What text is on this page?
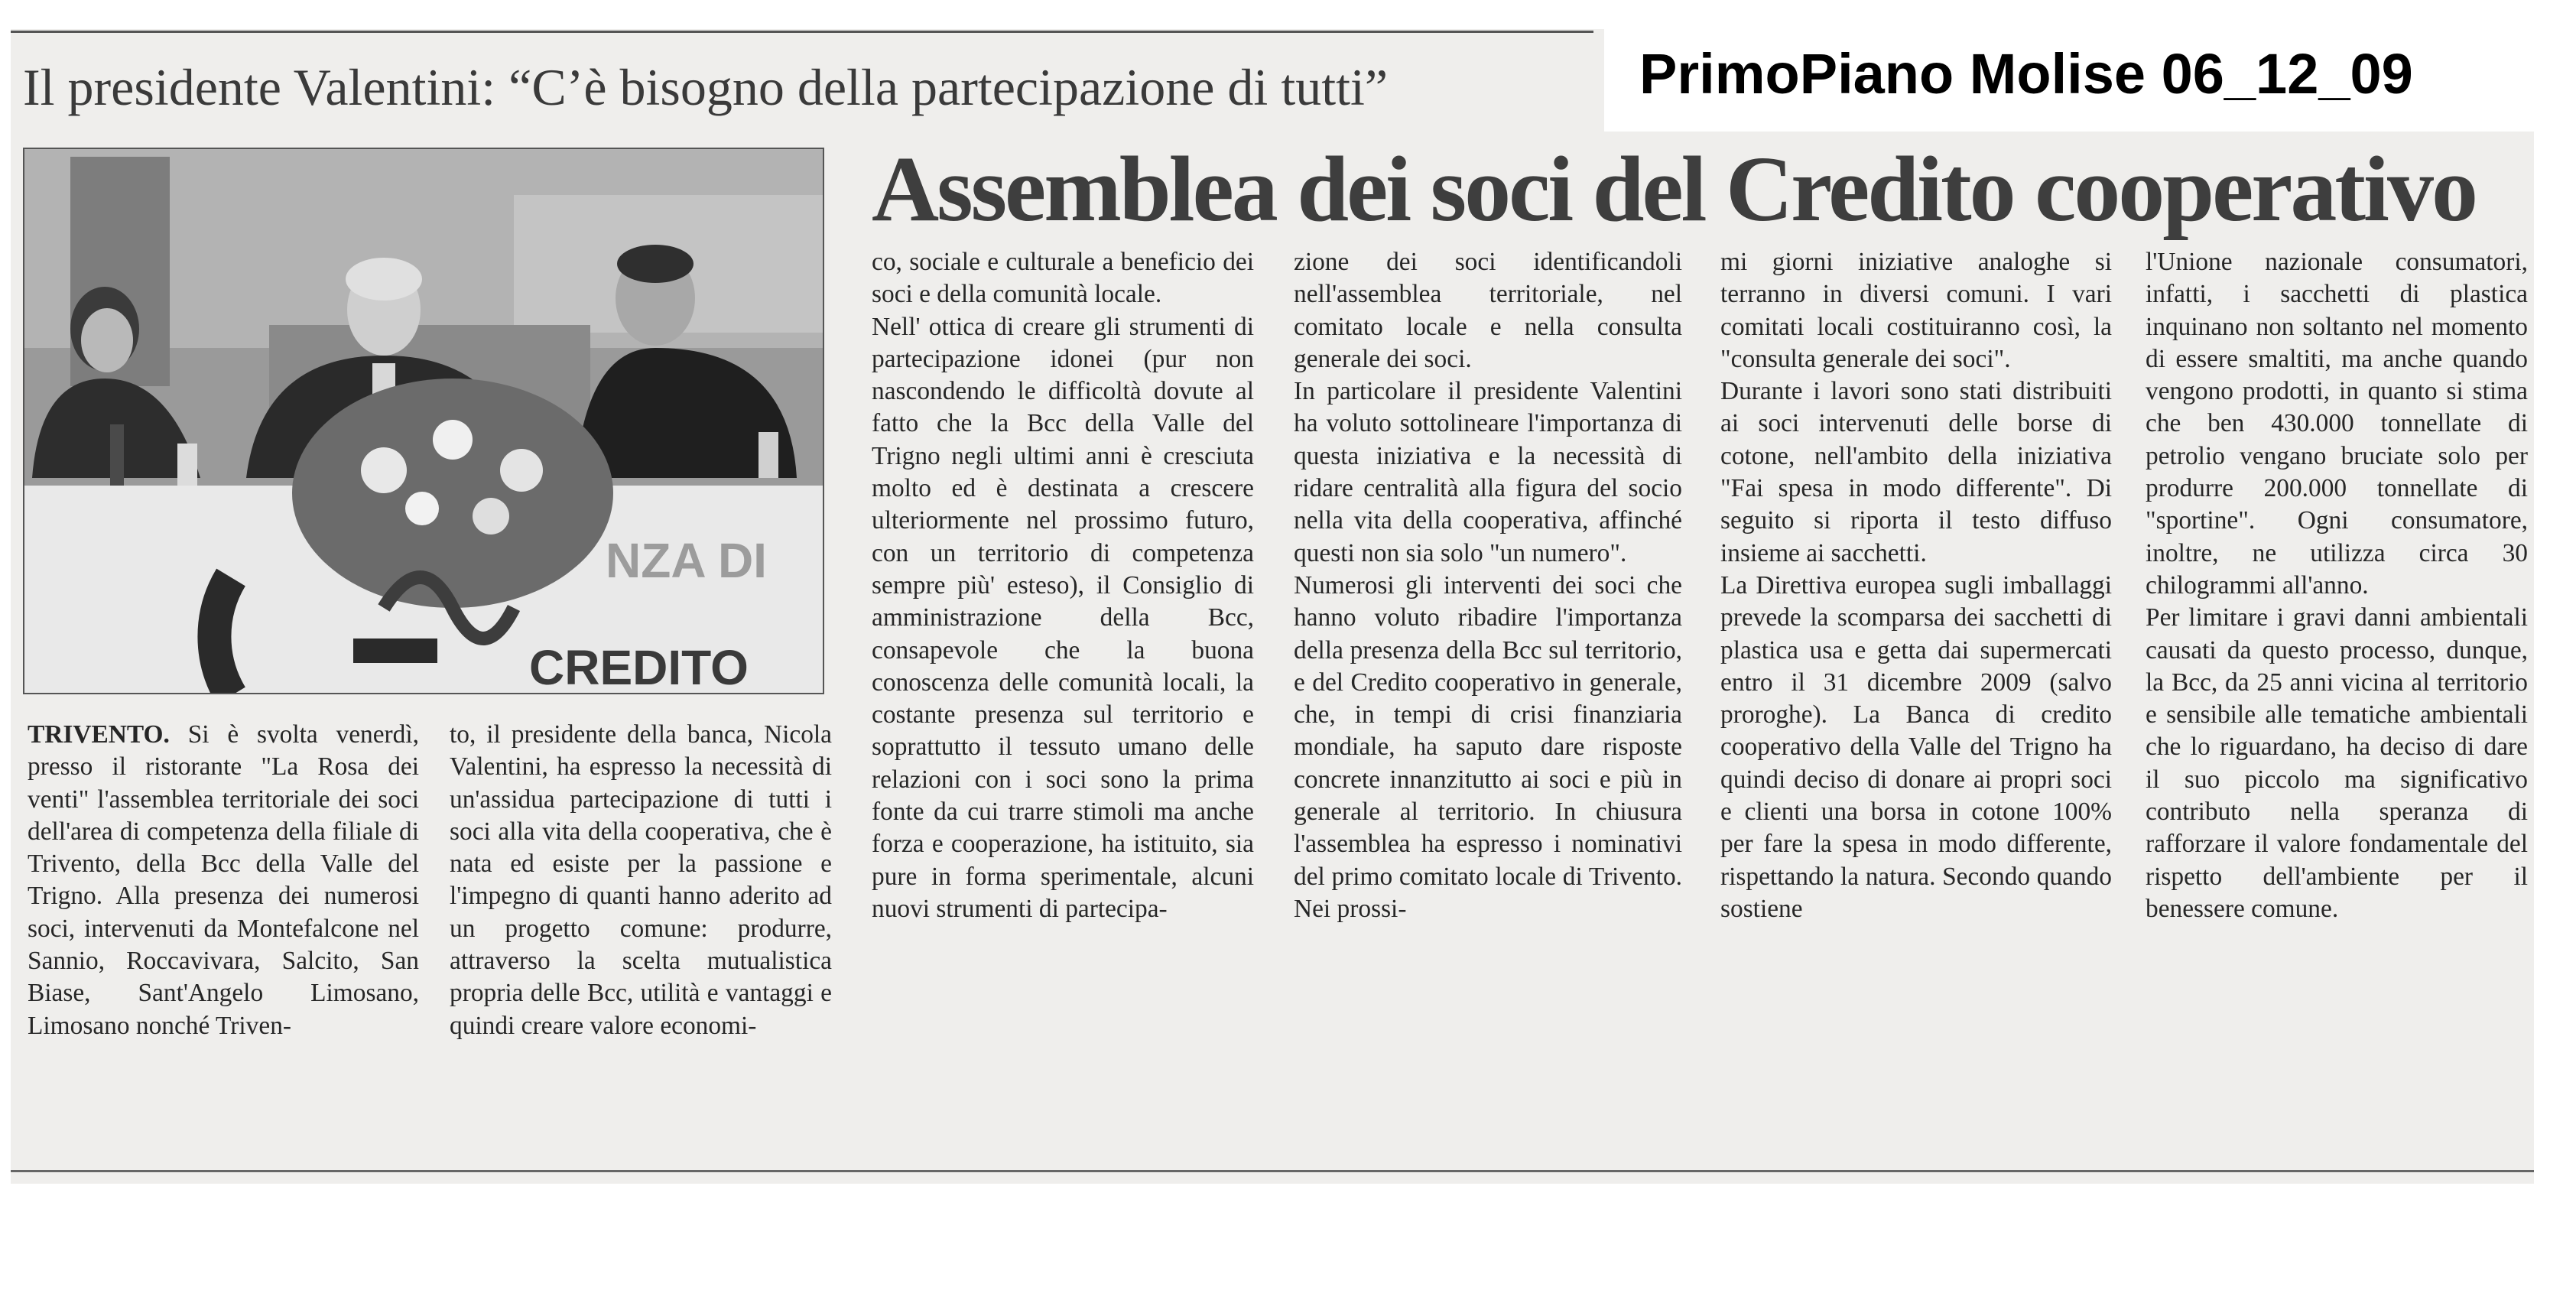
Il presidente Valentini: “C’è bisogno della partecipazione di tutti”	PrimoPiano Molise 06_12_09
Assemblea dei soci del Credito cooperativo
NZA DI
CREDITO

TRIVENTO. Si è svolta venerdì, presso il ristorante "La Rosa dei venti" l'assemblea territoriale dei soci dell'area di competenza della filiale di Trivento, della Bcc della Valle del Trigno. Alla presenza dei numerosi soci, intervenuti da Montefalcone nel Sannio, Roccavivara, Salcito, San Biase, Sant'Angelo Limosano, Limosano nonché Triven-

to, il presidente della banca, Nicola Valentini, ha espresso la necessità di un'assidua partecipazione di tutti i soci alla vita della cooperativa, che è nata ed esiste per la passione e l'impegno di quanti hanno aderito ad un progetto comune: produrre, attraverso la scelta mutualistica propria delle Bcc, utilità e vantaggi e quindi creare valore economi-

co, sociale e culturale a beneficio dei soci e della comunità locale.

Nell' ottica di creare gli strumenti di partecipazione idonei (pur non nascondendo le difficoltà dovute al fatto che la Bcc della Valle del Trigno negli ultimi anni è cresciuta molto ed è destinata a crescere ulteriormente nel prossimo futuro, con un territorio di competenza sempre più' esteso), il Consiglio di amministrazione della Bcc, consapevole che la buona conoscenza delle comunità locali, la costante presenza sul territorio e soprattutto il tessuto umano delle relazioni con i soci sono la prima fonte da cui trarre stimoli ma anche forza e cooperazione, ha istituito, sia pure in forma sperimentale, alcuni nuovi strumenti di partecipa-

zione dei soci identificandoli nell'assemblea territoriale, nel comitato locale e nella consulta generale dei soci.

In particolare il presidente Valentini ha voluto sottolineare l'importanza di questa iniziativa e la necessità di ridare centralità alla figura del socio nella vita della cooperativa, affinché questi non sia solo "un numero".

Numerosi gli interventi dei soci che hanno voluto ribadire l'importanza della presenza della Bcc sul territorio, e del Credito cooperativo in generale, che, in tempi di crisi finanziaria mondiale, ha saputo dare risposte concrete innanzitutto ai soci e più in generale al territorio. In chiusura l'assemblea ha espresso i nominativi del primo comitato locale di Trivento. Nei prossi-

mi giorni iniziative analoghe si terranno in diversi comuni. I vari comitati locali costituiranno così, la "consulta generale dei soci".

Durante i lavori sono stati distribuiti ai soci intervenuti delle borse di cotone, nell'ambito della iniziativa "Fai spesa in modo differente". Di seguito si riporta il testo diffuso insieme ai sacchetti.

La Direttiva europea sugli imballaggi prevede la scomparsa dei sacchetti di plastica usa e getta dai supermercati entro il 31 dicembre 2009 (salvo proroghe). La Banca di credito cooperativo della Valle del Trigno ha quindi deciso di donare ai propri soci e clienti una borsa in cotone 100% per fare la spesa in modo differente, rispettando la natura. Secondo quando sostiene

l'Unione nazionale consumatori, infatti, i sacchetti di plastica inquinano non soltanto nel momento di essere smaltiti, ma anche quando vengono prodotti, in quanto si stima che ben 430.000 tonnellate di petrolio vengano bruciate solo per produrre 200.000 tonnellate di "sportine". Ogni consumatore, inoltre, ne utilizza circa 30 chilogrammi all'anno.

Per limitare i gravi danni ambientali causati da questo processo, dunque, la Bcc, da 25 anni vicina al territorio e sensibile alle tematiche ambientali che lo riguardano, ha deciso di dare il suo piccolo ma significativo contributo nella speranza di rafforzare il valore fondamentale del rispetto dell'ambiente per il benessere comune.
